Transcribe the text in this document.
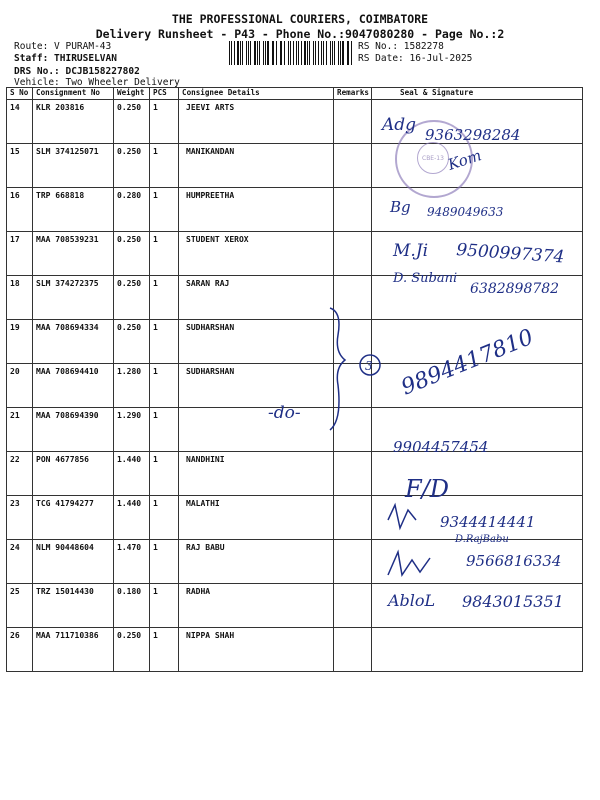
THE PROFESSIONAL COURIERS, COIMBATORE
Delivery Runsheet - P43 - Phone No.:9047080280 - Page No.:2
Route: V PURAM-43
Staff: THIRUSELVAN
DRS No.: DCJB158227802
Vehicle: Two Wheeler Delivery
RS No.: 1582278
RS Date: 16-Jul-2025
S No	Consignment No	Weight	PCS	Consignee Details	Remarks	Seal & Signature
14	KLR 203816	0.250	1	JEEVI ARTS		
15	SLM 374125071	0.250	1	MANIKANDAN		
16	TRP 668818	0.280	1	HUMPREETHA		
17	MAA 708539231	0.250	1	STUDENT XEROX		
18	SLM 374272375	0.250	1	SARAN RAJ		
19	MAA 708694334	0.250	1	SUDHARSHAN		
20	MAA 708694410	1.280	1	SUDHARSHAN		
21	MAA 708694390	1.290	1			
22	PON 4677856	1.440	1	NANDHINI		
23	TCG 41794277	1.440	1	MALATHI		
24	NLM 90448604	1.470	1	RAJ BABU		
25	TRZ 15014430	0.180	1	RADHA		
26	MAA 711710386	0.250	1	NIPPA SHAH		
CBE-13
Adg 9363298284
Kom
Bg 9489049633
M.Ji 9500997374
D. Subani
6382898782
3 9894417810
-do-
9904457454
F/D
9344414441
D.RajBabu
9566816334
AbloL 9843015351
